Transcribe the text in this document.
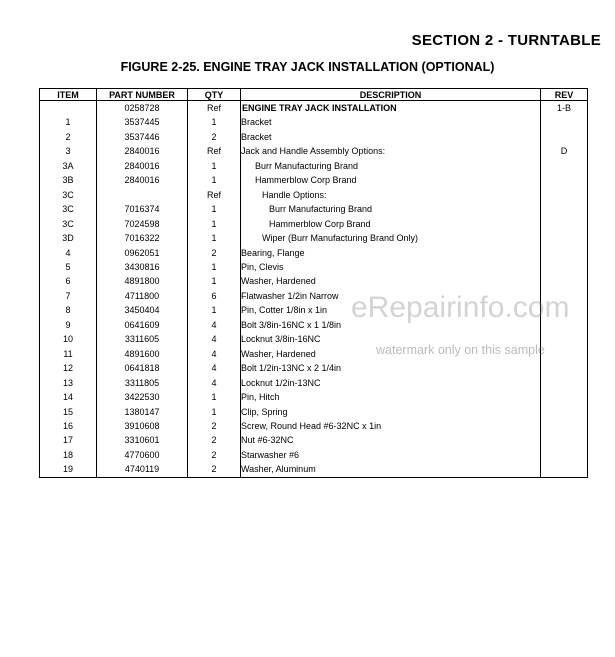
SECTION 2 - TURNTABLE
FIGURE 2-25. ENGINE TRAY JACK INSTALLATION (OPTIONAL)
ITEM	PART NUMBER	QTY	DESCRIPTION	REV
	0258728	Ref	ENGINE TRAY JACK INSTALLATION	1-B
1	3537445	1	Bracket	
2	3537446	2	Bracket	
3	2840016	Ref	Jack and Handle Assembly Options:	D
3A	2840016	1	Burr Manufacturing Brand	
3B	2840016	1	Hammerblow Corp Brand	
3C		Ref	Handle Options:	
3C	7016374	1	Burr Manufacturing Brand	
3C	7024598	1	Hammerblow Corp Brand	
3D	7016322	1	Wiper (Burr Manufacturing Brand Only)	
4	0962051	2	Bearing, Flange	
5	3430816	1	Pin, Clevis	
6	4891800	1	Washer, Hardened	
7	4711800	6	Flatwasher 1/2in Narrow	
8	3450404	1	Pin, Cotter 1/8in x 1in	
9	0641609	4	Bolt 3/8in-16NC x 1 1/8in	
10	3311605	4	Locknut 3/8in-16NC	
11	4891600	4	Washer, Hardened	
12	0641818	4	Bolt 1/2in-13NC x 2 1/4in	
13	3311805	4	Locknut 1/2in-13NC	
14	3422530	1	Pin, Hitch	
15	1380147	1	Clip, Spring	
16	3910608	2	Screw, Round Head #6-32NC x 1in	
17	3310601	2	Nut #6-32NC	
18	4770600	2	Starwasher #6	
19	4740119	2	Washer, Aluminum	
eRepairinfo.com
watermark only on this sample
